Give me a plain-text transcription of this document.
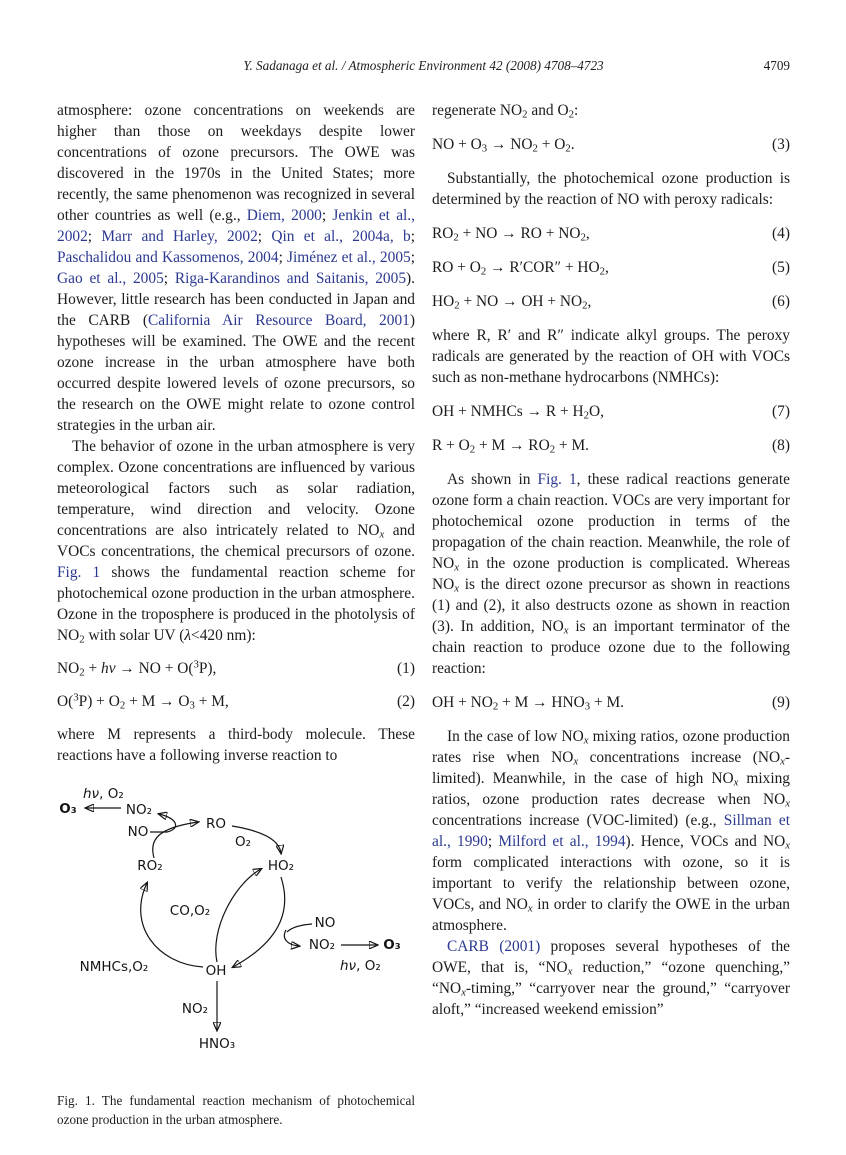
Y. Sadanaga et al. / Atmospheric Environment 42 (2008) 4708–4723	4709

atmosphere: ozone concentrations on weekends are higher than those on weekdays despite lower concentrations of ozone precursors. The OWE was discovered in the 1970s in the United States; more recently, the same phenomenon was recognized in several other countries as well (e.g., Diem, 2000; Jenkin et al., 2002; Marr and Harley, 2002; Qin et al., 2004a, b; Paschalidou and Kassomenos, 2004; Jiménez et al., 2005; Gao et al., 2005; Riga-Karandinos and Saitanis, 2005). However, little research has been conducted in Japan and the CARB (California Air Resource Board, 2001) hypotheses will be examined. The OWE and the recent ozone increase in the urban atmosphere have both occurred despite lowered levels of ozone precursors, so the research on the OWE might relate to ozone control strategies in the urban air.

The behavior of ozone in the urban atmosphere is very complex. Ozone concentrations are influenced by various meteorological factors such as solar radiation, temperature, wind direction and velocity. Ozone concentrations are also intricately related to NOx and VOCs concentrations, the chemical precursors of ozone. Fig. 1 shows the fundamental reaction scheme for photochemical ozone production in the urban atmosphere. Ozone in the troposphere is produced in the photolysis of NO2 with solar UV (λ<420 nm):

NO2 + hν → NO + O($^3$P),	(1)
O($^3$P) + O2 + M → O3 + M,	(2)

where M represents a third-body molecule. These reactions have a following inverse reaction to

hν, O₂
O₃	NO₂
NO	RO
O₂
HO₂
RO₂
CO,O₂
NO
NO₂	O₃
hν, O₂
NMHCs,O₂	OH
NO₂
HNO₃

Fig. 1. The fundamental reaction mechanism of photochemical ozone production in the urban atmosphere.

regenerate NO2 and O2:

NO + O3 → NO2 + O2.	(3)

Substantially, the photochemical ozone production is determined by the reaction of NO with peroxy radicals:

RO2 + NO → RO + NO2,	(4)
RO + O2 → R′COR″ + HO2,	(5)
HO2 + NO → OH + NO2,	(6)

where R, R′ and R″ indicate alkyl groups. The peroxy radicals are generated by the reaction of OH with VOCs such as non-methane hydrocarbons (NMHCs):

OH + NMHCs → R + H2O,	(7)
R + O2 + M → RO2 + M.	(8)

As shown in Fig. 1, these radical reactions generate ozone form a chain reaction. VOCs are very important for photochemical ozone production in terms of the propagation of the chain reaction. Meanwhile, the role of NOx in the ozone production is complicated. Whereas NOx is the direct ozone precursor as shown in reactions (1) and (2), it also destructs ozone as shown in reaction (3). In addition, NOx is an important terminator of the chain reaction to produce ozone due to the following reaction:

OH + NO2 + M → HNO3 + M.	(9)

In the case of low NOx mixing ratios, ozone production rates rise when NOx concentrations increase (NOx-limited). Meanwhile, in the case of high NOx mixing ratios, ozone production rates decrease when NOx concentrations increase (VOC-limited) (e.g., Sillman et al., 1990; Milford et al., 1994). Hence, VOCs and NOx form complicated interactions with ozone, so it is important to verify the relationship between ozone, VOCs, and NOx in order to clarify the OWE in the urban atmosphere.

CARB (2001) proposes several hypotheses of the OWE, that is, “NOx reduction,” “ozone quenching,” “NOx-timing,” “carryover near the ground,” “carryover aloft,” “increased weekend emission”
